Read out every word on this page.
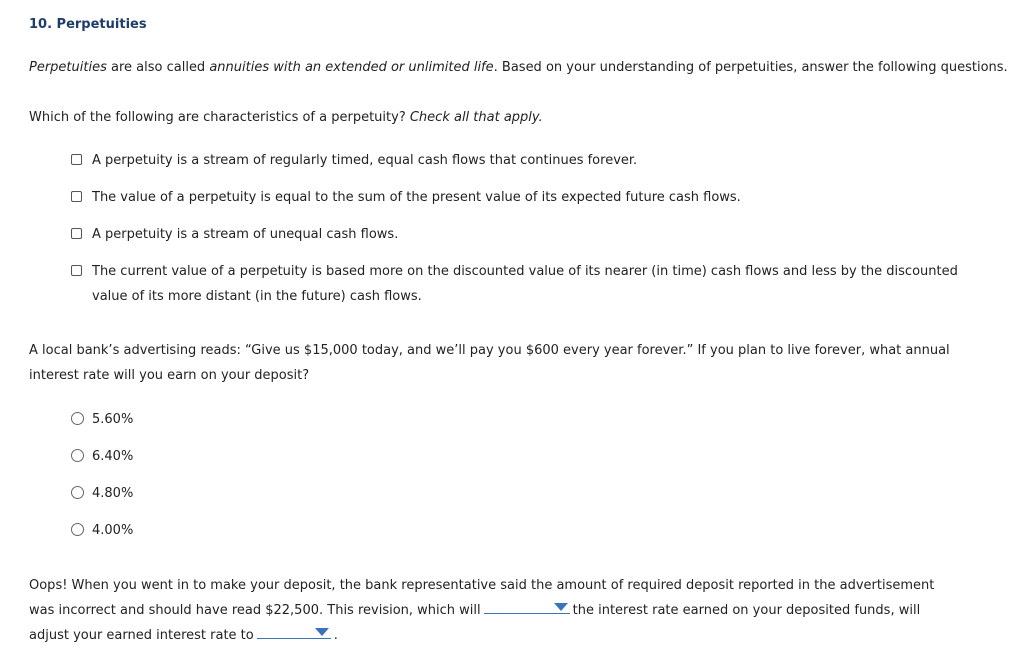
10. Perpetuities
Perpetuities are also called annuities with an extended or unlimited life. Based on your understanding of perpetuities, answer the following questions.
Which of the following are characteristics of a perpetuity? Check all that apply.
A perpetuity is a stream of regularly timed, equal cash flows that continues forever.
The value of a perpetuity is equal to the sum of the present value of its expected future cash flows.
A perpetuity is a stream of unequal cash flows.
The current value of a perpetuity is based more on the discounted value of its nearer (in time) cash flows and less by the discounted
value of its more distant (in the future) cash flows.
A local bank’s advertising reads: “Give us $15,000 today, and we’ll pay you $600 every year forever.” If you plan to live forever, what annual interest rate will you earn on your deposit?
5.60%
6.40%
4.80%
4.00%
Oops! When you went in to make your deposit, the bank representative said the amount of required deposit reported in the advertisement was incorrect and should have read $22,500. This revision, which will	the interest rate earned on your deposited funds, will adjust your earned interest rate to	.
